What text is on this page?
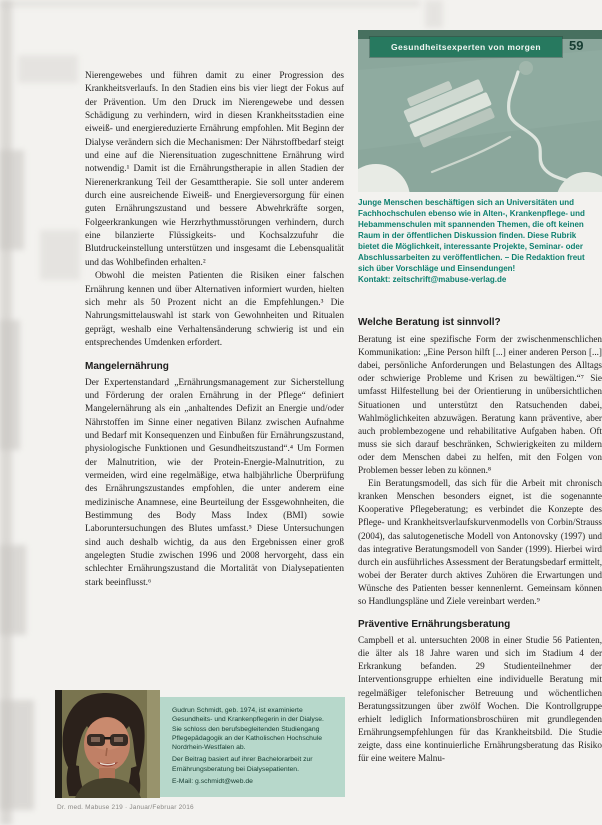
Gesundheitsexperten von morgen 59

Junge Menschen beschäftigen sich an Universitäten und Fachhochschulen ebenso wie in Alten-, Krankenpflege- und Hebammenschulen mit spannenden Themen, die oft keinen Raum in der öffentlichen Diskussion finden. Diese Rubrik bietet die Möglichkeit, interessante Projekte, Seminar- oder Abschlussarbeiten zu veröffentlichen. – Die Redaktion freut sich über Vorschläge und Einsendungen!

Kontakt: zeitschrift@mabuse-verlag.de

Nierengewebes und führen damit zu einer Progression des Krankheitsverlaufs. In den Stadien eins bis vier liegt der Fokus auf der Prävention. Um den Druck im Nierengewebe und dessen Schädigung zu verhindern, wird in diesen Krankheitsstadien eine eiweiß- und energiereduzierte Ernährung empfohlen. Mit Beginn der Dialyse verändern sich die Mechanismen: Der Nährstoffbedarf steigt und eine auf die Nierensituation zugeschnittene Ernährung wird notwendig.¹ Damit ist die Ernährungstherapie in allen Stadien der Nierenerkrankung Teil der Gesamttherapie. Sie soll unter anderem durch eine ausreichende Eiweiß- und Energieversorgung für einen guten Ernährungszustand und bessere Abwehrkräfte sorgen, Folgeerkrankungen wie Herzrhythmusstörungen verhindern, durch eine bilanzierte Flüssigkeits- und Kochsalzzufuhr die Blutdruckeinstellung unterstützen und insgesamt die Lebensqualität und das Wohlbefinden erhalten.²

Obwohl die meisten Patienten die Risiken einer falschen Ernährung kennen und über Alternativen informiert wurden, hielten sich mehr als 50 Prozent nicht an die Empfehlungen.³ Die Nahrungsmittelauswahl ist stark von Gewohnheiten und Ritualen geprägt, weshalb eine Verhaltensänderung schwierig ist und ein entsprechendes Umdenken erfordert.

Mangelernährung

Der Expertenstandard „Ernährungsmanagement zur Sicherstellung und Förderung der oralen Ernährung in der Pflege“ definiert Mangelernährung als ein „anhaltendes Defizit an Energie und/oder Nährstoffen im Sinne einer negativen Bilanz zwischen Aufnahme und Bedarf mit Konsequenzen und Einbußen für Ernährungszustand, physiologische Funktionen und Gesundheitszustand“.⁴ Um Formen der Malnutrition, wie der Protein-Energie-Malnutrition, zu vermeiden, wird eine regelmäßige, etwa halbjährliche Überprüfung des Ernährungszustandes empfohlen, die unter anderem eine medizinische Anamnese, eine Beurteilung der Essgewohnheiten, die Bestimmung des Body Mass Index (BMI) sowie Laboruntersuchungen des Blutes umfasst.⁵ Diese Untersuchungen sind auch deshalb wichtig, da aus den Ergebnissen einer groß angelegten Studie zwischen 1996 und 2008 hervorgeht, dass ein schlechter Ernährungszustand die Mortalität von Dialysepatienten stark beeinflusst.⁶

Welche Beratung ist sinnvoll?

Beratung ist eine spezifische Form der zwischenmenschlichen Kommunikation: „Eine Person hilft [...] einer anderen Person [...] dabei, persönliche Anforderungen und Belastungen des Alltags oder schwierige Probleme und Krisen zu bewältigen.“⁷ Sie umfasst Hilfestellung bei der Orientierung in unübersichtlichen Situationen und unterstützt den Ratsuchenden dabei, Wahlmöglichkeiten abzuwägen. Beratung kann präventive, aber auch problembezogene und rehabilitative Aufgaben haben. Oft muss sie sich darauf beschränken, Schwierigkeiten zu mildern oder dem Menschen dabei zu helfen, mit den Folgen von Problemen besser leben zu können.⁸

Ein Beratungsmodell, das sich für die Arbeit mit chronisch kranken Menschen besonders eignet, ist die sogenannte Kooperative Pflegeberatung; es verbindet die Konzepte des Pflege- und Krankheitsverlaufskurvenmodells von Corbin/Strauss (2004), das salutogenetische Modell von Antonovsky (1997) und das integrative Beratungsmodell von Sander (1999). Hierbei wird durch ein ausführliches Assessment der Beratungsbedarf ermittelt, wobei der Berater durch aktives Zuhören die Erwartungen und Wünsche des Patienten besser kennenlernt. Gemeinsam können so Handlungspläne und Ziele vereinbart werden.⁹

Präventive Ernährungsberatung

Campbell et al. untersuchten 2008 in einer Studie 56 Patienten, die älter als 18 Jahre waren und sich im Stadium 4 der Erkrankung befanden. 29 Studienteilnehmer der Interventionsgruppe erhielten eine individuelle Beratung mit regelmäßiger telefonischer Betreuung und wöchentlichen Beratungssitzungen über zwölf Wochen. Die Kontrollgruppe erhielt lediglich Informationsbroschüren mit grundlegenden Ernährungsempfehlungen für das Krankheitsbild. Die Studie zeigte, dass eine kontinuierliche Ernährungsberatung das Risiko für eine weitere Malnu-

Gudrun Schmidt, geb. 1974, ist examinierte Gesundheits- und Krankenpflegerin in der Dialyse. Sie schloss den berufsbegleitenden Studiengang Pflegepädagogik an der Katholischen Hochschule Nordrhein-Westfalen ab.

Der Beitrag basiert auf ihrer Bachelorarbeit zur Ernährungsberatung bei Dialysepatienten.

E-Mail: g.schmidt@web.de

Dr. med. Mabuse 219 · Januar/Februar 2016
